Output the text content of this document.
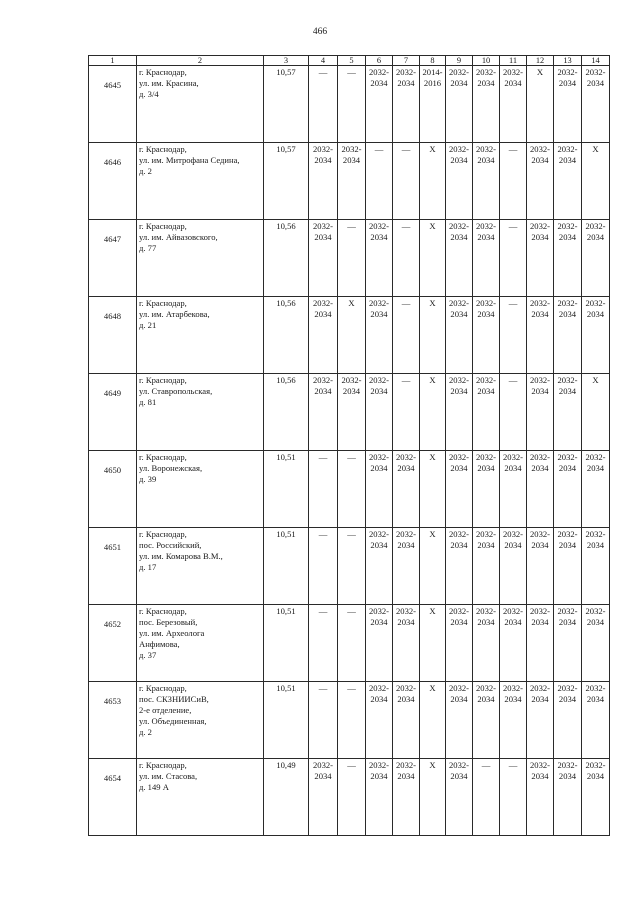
466
1	2	3	4	5	6	7	8	9	10	11	12	13	14
4645	г. Краснодар,
ул. им. Красина,
д. 3/4	10,57	—	—	2032-
2034	2032-
2034	2014-
2016	2032-
2034	2032-
2034	2032-
2034	X	2032-
2034	2032-
2034
4646	г. Краснодар,
ул. им. Митрофана Седина,
д. 2	10,57	2032-
2034	2032-
2034	—	—	X	2032-
2034	2032-
2034	—	2032-
2034	2032-
2034	X
4647	г. Краснодар,
ул. им. Айвазовского,
д. 77	10,56	2032-
2034	—	2032-
2034	—	X	2032-
2034	2032-
2034	—	2032-
2034	2032-
2034	2032-
2034
4648	г. Краснодар,
ул. им. Атарбекова,
д. 21	10,56	2032-
2034	X	2032-
2034	—	X	2032-
2034	2032-
2034	—	2032-
2034	2032-
2034	2032-
2034
4649	г. Краснодар,
ул. Ставропольская,
д. 81	10,56	2032-
2034	2032-
2034	2032-
2034	—	X	2032-
2034	2032-
2034	—	2032-
2034	2032-
2034	X
4650	г. Краснодар,
ул. Воронежская,
д. 39	10,51	—	—	2032-
2034	2032-
2034	X	2032-
2034	2032-
2034	2032-
2034	2032-
2034	2032-
2034	2032-
2034
4651	г. Краснодар,
пос. Российский,
ул. им. Комарова В.М.,
д. 17	10,51	—	—	2032-
2034	2032-
2034	X	2032-
2034	2032-
2034	2032-
2034	2032-
2034	2032-
2034	2032-
2034
4652	г. Краснодар,
пос. Березовый,
ул. им. Археолога
Анфимова,
д. 37	10,51	—	—	2032-
2034	2032-
2034	X	2032-
2034	2032-
2034	2032-
2034	2032-
2034	2032-
2034	2032-
2034
4653	г. Краснодар,
пос. СКЗНИИСиВ,
2-е отделение,
ул. Объединенная,
д. 2	10,51	—	—	2032-
2034	2032-
2034	X	2032-
2034	2032-
2034	2032-
2034	2032-
2034	2032-
2034	2032-
2034
4654	г. Краснодар,
ул. им. Стасова,
д. 149 А	10,49	2032-
2034	—	2032-
2034	2032-
2034	X	2032-
2034	—	—	2032-
2034	2032-
2034	2032-
2034
